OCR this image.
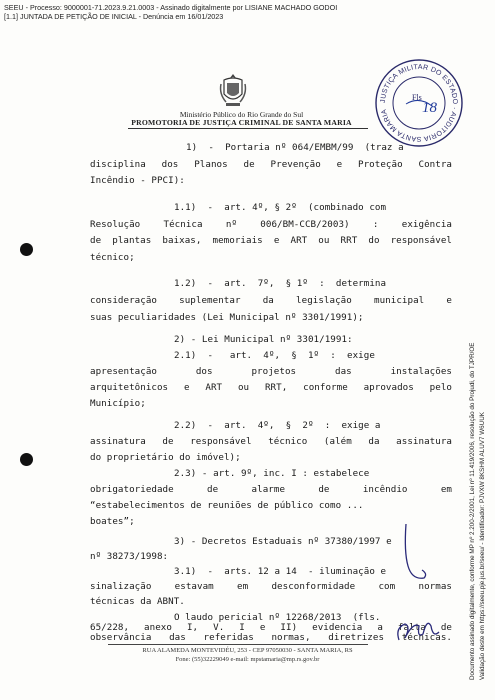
SEEU - Processo: 9000001-71.2023.9.21.0003 - Assinado digitalmente por LISIANE MACHADO GODOI
[1.1] JUNTADA DE PETIÇÃO DE INICIAL - Denúncia em 16/01/2023
Ministério Público do Rio Grande do Sul
PROMOTORIA DE JUSTIÇA CRIMINAL DE SANTA MARIA
JUSTIÇA MILITAR DO ESTADO · AUDITORIA SANTA MARIA
Fls
18
Documento assinado digitalmente, conforme MP nº 2.200-2/2001, Lei nº 11.419/2006, resolução do Projudi, do TJPR/OE Validação deste em https://seeu.pje.jus.br/seeu/ - Identificador: PJVXW 8KSHM ALUV7 W6UUK
1)  -  Portaria nº 064/EMBM/99  (traz a
disciplina dos Planos de Prevenção e Proteção Contra
Incêndio - PPCI):
1.1)  -  art. 4º, § 2º  (combinado com
Resolução Técnica nº 006/BM-CCB/2003) : exigência
de plantas baixas, memoriais e ART ou RRT do responsável
técnico;
1.2)  -  art.  7º,  § 1º  :  determina
consideração suplementar da legislação municipal e
suas peculiaridades (Lei Municipal nº 3301/1991);
2) - Lei Municipal nº 3301/1991:
2.1)  -   art.  4º,  §  1º  :  exige
apresentação dos projetos das instalações
arquitetônicos e ART ou RRT, conforme aprovados pelo
Município;
2.2)  -  art.  4º,  §  2º  :  exige a
assinatura de responsável técnico (além da assinatura
do proprietário do imóvel);
2.3) - art. 9º, inc. I : estabelece
obrigatoriedade de alarme de incêndio em
“estabelecimentos de reuniões de público como ...
boates”;
3) - Decretos Estaduais nº 37380/1997 e
nº 38273/1998:
3.1)  -  arts. 12 a 14  - iluminação e
sinalização estavam em desconformidade com normas
técnicas da ABNT.
O laudo pericial nº 12268/2013  (fls.
65/228, anexo I, V. I e II) evidencia a falta de
observância das referidas normas, diretrizes técnicas.
RUA ALAMEDA MONTEVIDÉU, 253 - CEP 97050030 - SANTA MARIA, RS
Fone: (55)32229049 e-mail: mpstamaria@mp.rs.gov.br
